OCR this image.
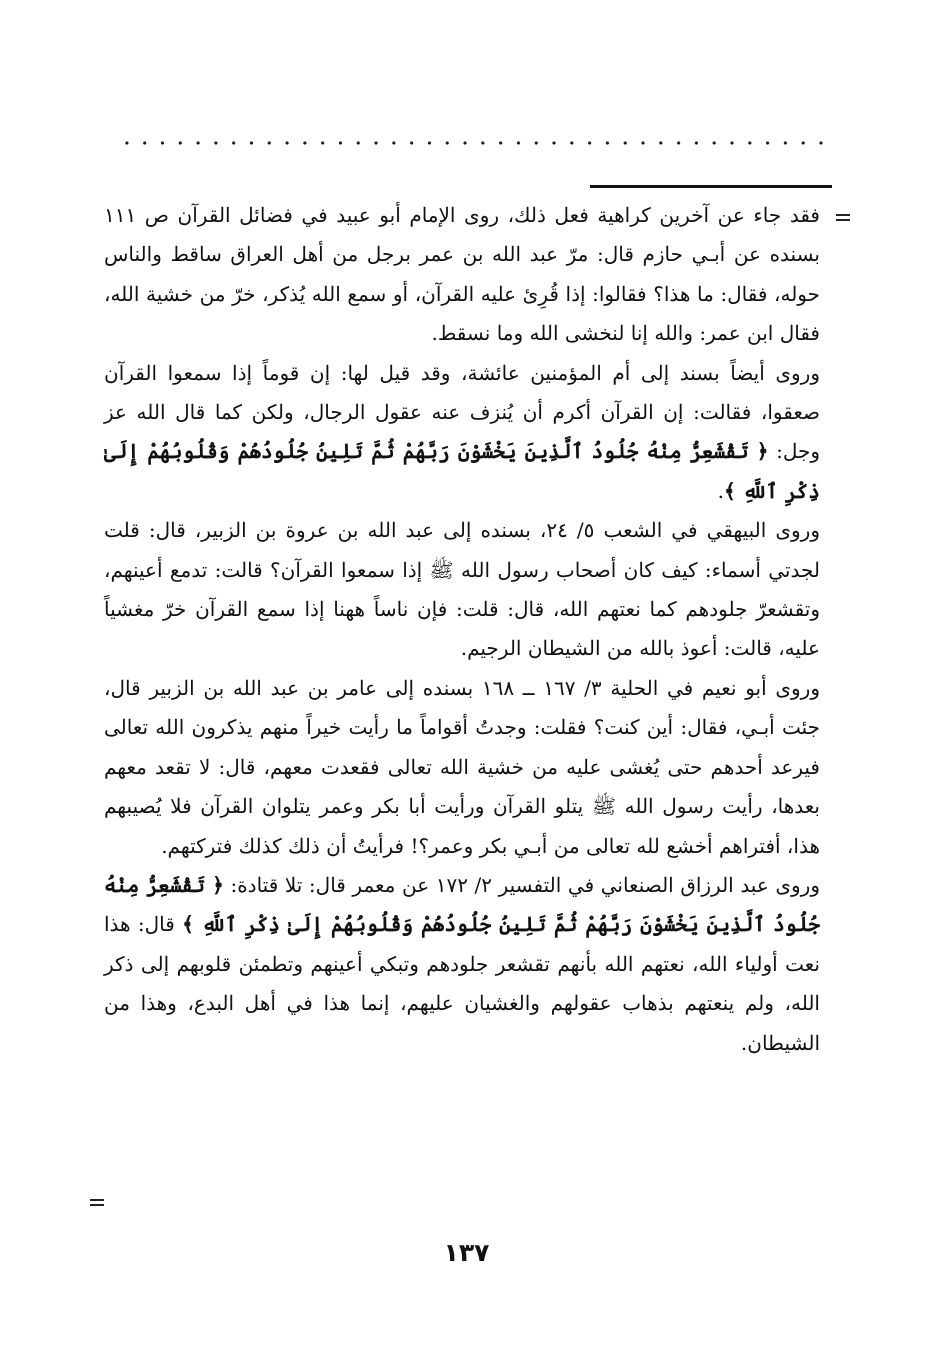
فقد جاء عن آخرين كراهية فعل ذلك، روى الإمام أبو عبيد في فضائل القرآن ص ١١١ بسنده عن أبـي حازم قال: مرّ عبد الله بن عمر برجل من أهل العراق ساقط والناس حوله، فقال: ما هذا؟ فقالوا: إذا قُرِئ عليه القرآن، أو سمع الله يُذكر، خرّ من خشية الله، فقال ابن عمر: والله إنا لنخشى الله وما نسقط.

وروى أيضاً بسند إلى أم المؤمنين عائشة، وقد قيل لها: إن قوماً إذا سمعوا القرآن صعقوا، فقالت: إن القرآن أكرم أن يُنزف عنه عقول الرجال، ولكن كما قال الله عز وجل: ﴿ تَقْشَعِرُّ مِنْهُ جُلُودُ ٱلَّذِينَ يَخْشَوْنَ رَبَّهُمْ ثُمَّ تَلِينُ جُلُودُهُمْ وَقُلُوبُهُمْ إِلَىٰ ذِكْرِ ٱللَّهِ ﴾.

وروى البيهقي في الشعب ٥/ ٢٤، بسنده إلى عبد الله بن عروة بن الزبير، قال: قلت لجدتي أسماء: كيف كان أصحاب رسول الله ﷺ إذا سمعوا القرآن؟ قالت: تدمع أعينهم، وتقشعرّ جلودهم كما نعتهم الله، قال: قلت: فإن ناساً ههنا إذا سمع القرآن خرّ مغشياً عليه، قالت: أعوذ بالله من الشيطان الرجيم.

وروى أبو نعيم في الحلية ٣/ ١٦٧ ــ ١٦٨ بسنده إلى عامر بن عبد الله بن الزبير قال، جئت أبـي، فقال: أين كنت؟ فقلت: وجدتُ أقواماً ما رأيت خيراً منهم يذكرون الله تعالى فيرعد أحدهم حتى يُغشى عليه من خشية الله تعالى فقعدت معهم، قال: لا تقعد معهم بعدها، رأيت رسول الله ﷺ يتلو القرآن ورأيت أبا بكر وعمر يتلوان القرآن فلا يُصيبهم هذا، أفتراهم أخشع لله تعالى من أبـي بكر وعمر؟! فرأيتُ أن ذلك كذلك فتركتهم.

وروى عبد الرزاق الصنعاني في التفسير ٢/ ١٧٢ عن معمر قال: تلا قتادة: ﴿ تَقْشَعِرُّ مِنْهُ جُلُودُ ٱلَّذِينَ يَخْشَوْنَ رَبَّهُمْ ثُمَّ تَلِينُ جُلُودُهُمْ وَقُلُوبُهُمْ إِلَىٰ ذِكْرِ ٱللَّهِ ﴾ قال: هذا نعت أولياء الله، نعتهم الله بأنهم تقشعر جلودهم وتبكي أعينهم وتطمئن قلوبهم إلى ذكر الله، ولم ينعتهم بذهاب عقولهم والغشيان عليهم، إنما هذا في أهل البدع، وهذا من الشيطان.

١٣٧
